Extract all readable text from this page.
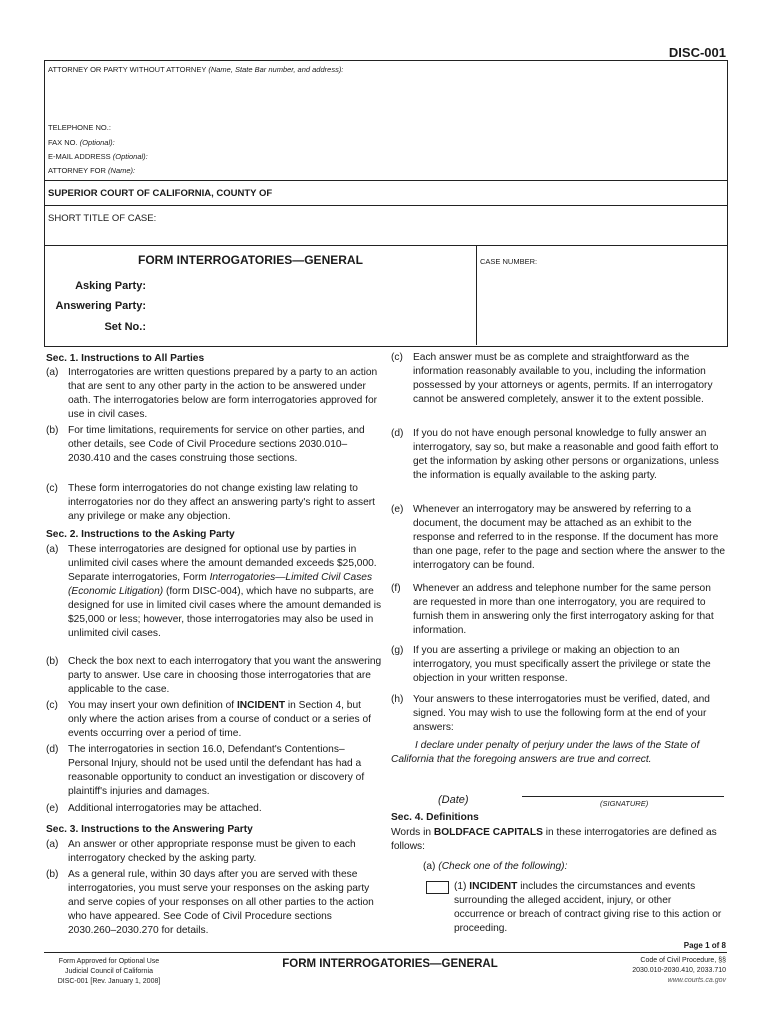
DISC-001
ATTORNEY OR PARTY WITHOUT ATTORNEY (Name, State Bar number, and address):
TELEPHONE NO.:
FAX NO. (Optional):
E-MAIL ADDRESS (Optional):
ATTORNEY FOR (Name):
SUPERIOR COURT OF CALIFORNIA, COUNTY OF
SHORT TITLE OF CASE:
FORM INTERROGATORIES—GENERAL	CASE NUMBER:
Asking Party:
Answering Party:
Set No.:
Sec. 1. Instructions to All Parties
(a) Interrogatories are written questions prepared by a party to an action that are sent to any other party in the action to be answered under oath. The interrogatories below are form interrogatories approved for use in civil cases.
(b) For time limitations, requirements for service on other parties, and other details, see Code of Civil Procedure sections 2030.010–2030.410 and the cases construing those sections.
(c) These form interrogatories do not change existing law relating to interrogatories nor do they affect an answering party's right to assert any privilege or make any objection.
Sec. 2. Instructions to the Asking Party
(a) These interrogatories are designed for optional use by parties in unlimited civil cases where the amount demanded exceeds $25,000. Separate interrogatories, Form Interrogatories—Limited Civil Cases (Economic Litigation) (form DISC-004), which have no subparts, are designed for use in limited civil cases where the amount demanded is $25,000 or less; however, those interrogatories may also be used in unlimited civil cases.
(b) Check the box next to each interrogatory that you want the answering party to answer. Use care in choosing those interrogatories that are applicable to the case.
(c) You may insert your own definition of INCIDENT in Section 4, but only where the action arises from a course of conduct or a series of events occurring over a period of time.
(d) The interrogatories in section 16.0, Defendant's Contentions–Personal Injury, should not be used until the defendant has had a reasonable opportunity to conduct an investigation or discovery of plaintiff's injuries and damages.
(e) Additional interrogatories may be attached.
Sec. 3. Instructions to the Answering Party
(a) An answer or other appropriate response must be given to each interrogatory checked by the asking party.
(b) As a general rule, within 30 days after you are served with these interrogatories, you must serve your responses on the asking party and serve copies of your responses on all other parties to the action who have appeared. See Code of Civil Procedure sections 2030.260–2030.270 for details.
(c) Each answer must be as complete and straightforward as the information reasonably available to you, including the information possessed by your attorneys or agents, permits. If an interrogatory cannot be answered completely, answer it to the extent possible.
(d) If you do not have enough personal knowledge to fully answer an interrogatory, say so, but make a reasonable and good faith effort to get the information by asking other persons or organizations, unless the information is equally available to the asking party.
(e) Whenever an interrogatory may be answered by referring to a document, the document may be attached as an exhibit to the response and referred to in the response. If the document has more than one page, refer to the page and section where the answer to the interrogatory can be found.
(f) Whenever an address and telephone number for the same person are requested in more than one interrogatory, you are required to furnish them in answering only the first interrogatory asking for that information.
(g) If you are asserting a privilege or making an objection to an interrogatory, you must specifically assert the privilege or state the objection in your written response.
(h) Your answers to these interrogatories must be verified, dated, and signed. You may wish to use the following form at the end of your answers:
I declare under penalty of perjury under the laws of the State of California that the foregoing answers are true and correct.
(Date)	(SIGNATURE)
Sec. 4. Definitions
Words in BOLDFACE CAPITALS in these interrogatories are defined as follows:
(a) (Check one of the following):
(1) INCIDENT includes the circumstances and events surrounding the alleged accident, injury, or other occurrence or breach of contract giving rise to this action or proceeding.
Page 1 of 8
Form Approved for Optional Use
Judicial Council of California
DISC-001 [Rev. January 1, 2008]
FORM INTERROGATORIES—GENERAL	Code of Civil Procedure, §§
2030.010-2030.410, 2033.710
www.courts.ca.gov
